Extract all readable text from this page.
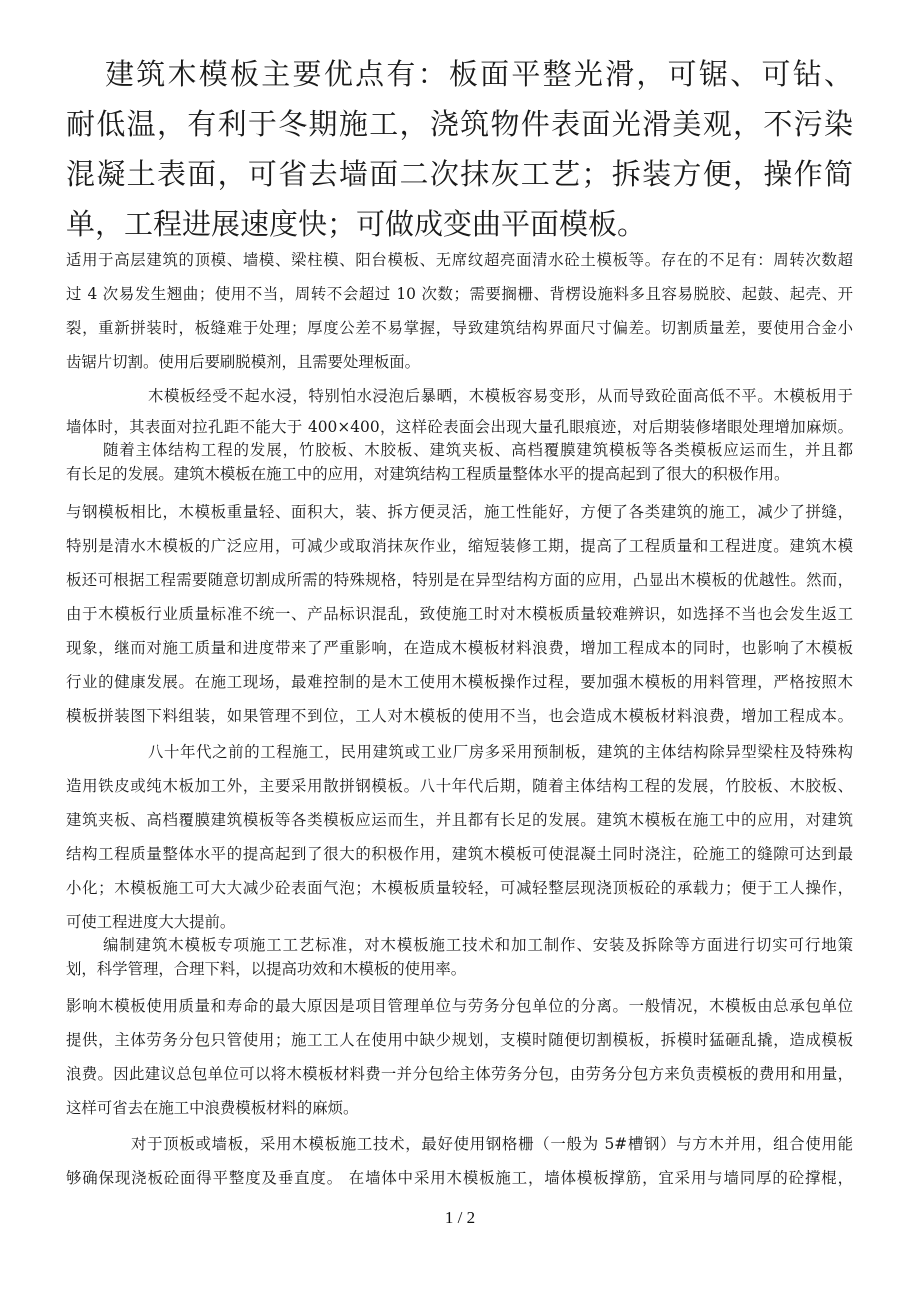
建筑木模板主要优点有：板面平整光滑，可锯、可钻、
耐低温，有利于冬期施工，浇筑物件表面光滑美观，不污染
混凝土表面，可省去墙面二次抹灰工艺；拆装方便，操作简
单，工程进展速度快；可做成变曲平面模板。
适用于高层建筑的顶模、墙模、梁柱模、阳台模板、无席纹超亮面清水砼土模板等。存在的不足有：周转次数超
过 4 次易发生翘曲；使用不当，周转不会超过 10 次数；需要搁栅、背楞设施料多且容易脱胶、起鼓、起壳、开
裂，重新拼装时，板缝难于处理；厚度公差不易掌握，导致建筑结构界面尺寸偏差。切割质量差，要使用合金小
齿锯片切割。使用后要刷脱模剂，且需要处理板面。
木模板经受不起水浸，特别怕水浸泡后暴晒，木模板容易变形，从而导致砼面高低不平。木模板用于
墙体时，其表面对拉孔距不能大于 400×400，这样砼表面会出现大量孔眼痕迹，对后期装修堵眼处理增加麻烦。
随着主体结构工程的发展，竹胶板、木胶板、建筑夹板、高档覆膜建筑模板等各类模板应运而生，并且都
有长足的发展。建筑木模板在施工中的应用，对建筑结构工程质量整体水平的提高起到了很大的积极作用。
与钢模板相比，木模板重量轻、面积大，装、拆方便灵活，施工性能好，方便了各类建筑的施工，减少了拼缝，
特别是清水木模板的广泛应用，可减少或取消抹灰作业，缩短装修工期，提高了工程质量和工程进度。建筑木模
板还可根据工程需要随意切割成所需的特殊规格，特别是在异型结构方面的应用，凸显出木模板的优越性。然而，
由于木模板行业质量标准不统一、产品标识混乱，致使施工时对木模板质量较难辨识，如选择不当也会发生返工
现象，继而对施工质量和进度带来了严重影响，在造成木模板材料浪费，增加工程成本的同时，也影响了木模板
行业的健康发展。在施工现场，最难控制的是木工使用木模板操作过程，要加强木模板的用料管理，严格按照木
模板拼装图下料组装，如果管理不到位，工人对木模板的使用不当，也会造成木模板材料浪费，增加工程成本。
八十年代之前的工程施工，民用建筑或工业厂房多采用预制板，建筑的主体结构除异型梁柱及特殊构
造用铁皮或纯木板加工外，主要采用散拼钢模板。八十年代后期，随着主体结构工程的发展，竹胶板、木胶板、
建筑夹板、高档覆膜建筑模板等各类模板应运而生，并且都有长足的发展。建筑木模板在施工中的应用，对建筑
结构工程质量整体水平的提高起到了很大的积极作用，建筑木模板可使混凝土同时浇注，砼施工的缝隙可达到最
小化；木模板施工可大大减少砼表面气泡；木模板质量较轻，可减轻整层现浇顶板砼的承载力；便于工人操作，
可使工程进度大大提前。
编制建筑木模板专项施工工艺标准，对木模板施工技术和加工制作、安装及拆除等方面进行切实可行地策
划，科学管理，合理下料，以提高功效和木模板的使用率。
影响木模板使用质量和寿命的最大原因是项目管理单位与劳务分包单位的分离。一般情况，木模板由总承包单位
提供，主体劳务分包只管使用；施工工人在使用中缺少规划，支模时随便切割模板，拆模时猛砸乱撬，造成模板
浪费。因此建议总包单位可以将木模板材料费一并分包给主体劳务分包，由劳务分包方来负责模板的费用和用量，
这样可省去在施工中浪费模板材料的麻烦。
对于顶板或墙板，采用木模板施工技术，最好使用钢格栅（一般为 5#槽钢）与方木并用，组合使用能
够确保现浇板砼面得平整度及垂直度。 在墙体中采用木模板施工，墙体模板撑筋，宜采用与墙同厚的砼撑棍，
1 / 2
